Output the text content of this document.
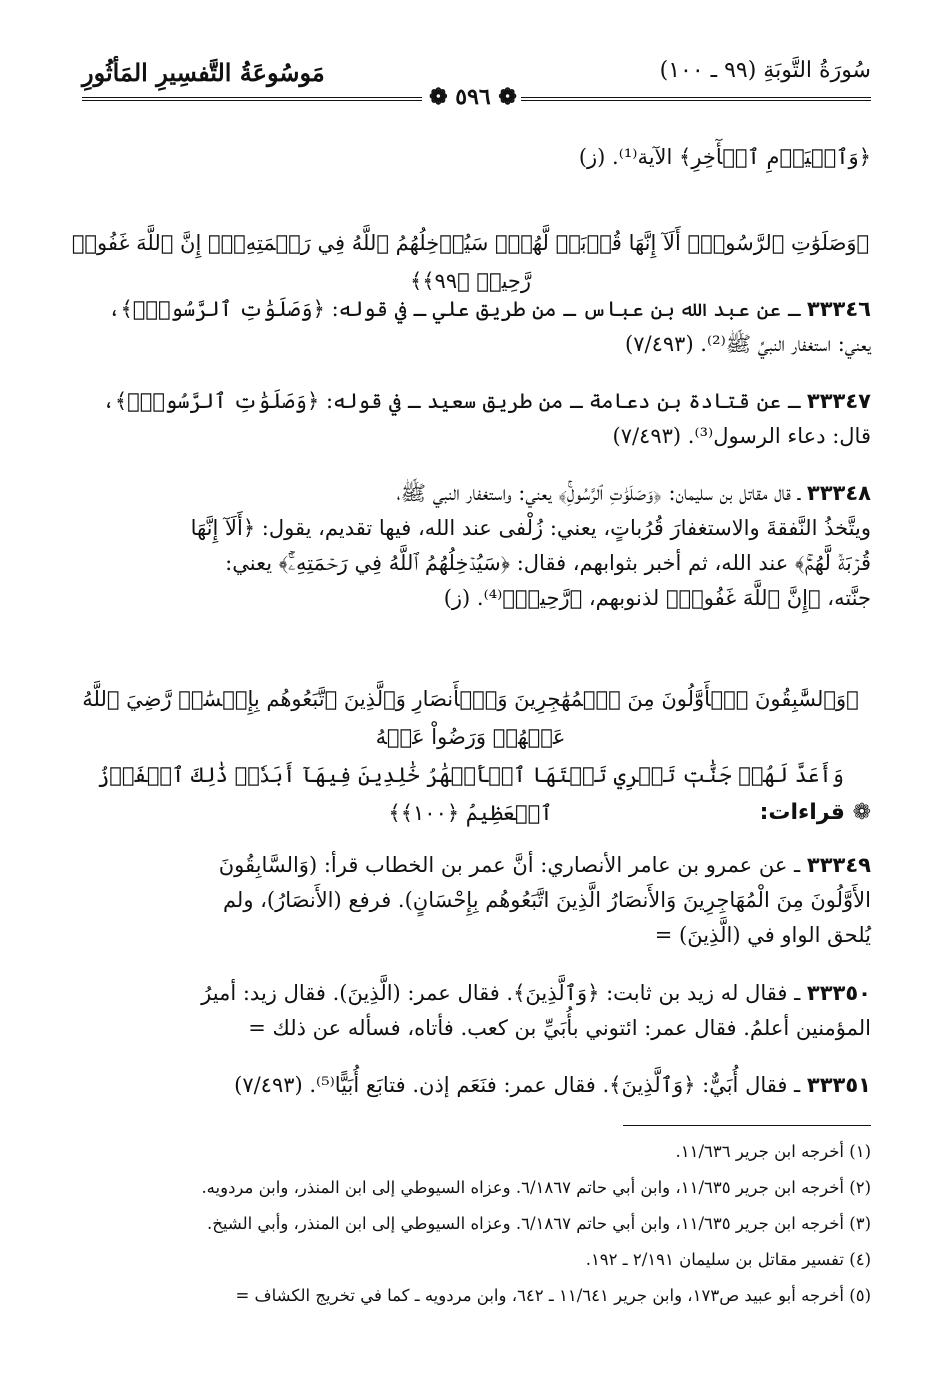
سُورَةُ التَّوبَةِ (٩٩ ـ ١٠٠)
مَوسُوعَةُ التَّفسِيرِ المَأثُورِ
❁ ٥٩٦ ❁
﴿وَٱلۡيَوۡمِ ٱلۡأٓخِرِ﴾ الآية⁽¹⁾. (ز)
﴿وَصَلَوَٰتِ ٱلرَّسُولِۚ أَلَآ إِنَّهَا قُرۡبَةٞ لَّهُمۡۚ سَيُدۡخِلُهُمُ ٱللَّهُ فِي رَحۡمَتِهِۦٓۚ إِنَّ ٱللَّهَ غَفُورٞ رَّحِيمٞ ﴿٩٩﴾﴾
٣٣٣٤٦ ـ عن عبد الله بن عباس ـ من طريق علي ـ في قوله: ﴿وَصَلَوَٰتِ ٱلرَّسُولِۚ﴾،
يعني: استغفار النبيِّ ﷺ⁽²⁾. (٧/٤٩٣)
٣٣٣٤٧ ـ عن قتادة بن دعامة ـ من طريق سعيد ـ في قوله: ﴿وَصَلَوَٰتِ ٱلرَّسُولِۚ﴾،
قال: دعاء الرسول⁽³⁾. (٧/٤٩٣)
٣٣٣٤٨ ـ قال مقاتل بن سليمان: ﴿وَصَلَوَٰتِ ٱلرَّسُولِۚ﴾ يعني: واستغفار النبي ﷺ،
ويتَّخذُ النَّفقةَ والاستغفارَ قُرُباتٍ، يعني: زُلْفى عند الله، فيها تقديم، يقول: ﴿أَلَآ إِنَّهَا
قُرۡبَةٞ لَّهُمۡۚ﴾ عند الله، ثم أخبر بثوابهم، فقال: ﴿سَيُدۡخِلُهُمُ ٱللَّهُ فِي رَحۡمَتِهِۦٓۚ﴾ يعني:
جنَّته، ﴿إِنَّ ٱللَّهَ غَفُورٞ﴾ لذنوبهم، ﴿رَّحِيمٞ﴾⁽⁴⁾. (ز)
﴿وَٱلسَّٰبِقُونَ ٱلۡأَوَّلُونَ مِنَ ٱلۡمُهَٰجِرِينَ وَٱلۡأَنصَارِ وَٱلَّذِينَ ٱتَّبَعُوهُم بِإِحۡسَٰنٖ رَّضِيَ ٱللَّهُ عَنۡهُمۡ وَرَضُواْ عَنۡهُ
وَأَعَدَّ لَهُمۡ جَنَّٰتٖ تَجۡرِي تَحۡتَهَا ٱلۡأَنۡهَٰرُ خَٰلِدِينَ فِيهَآ أَبَدٗاۚ ذَٰلِكَ ٱلۡفَوۡزُ ٱلۡعَظِيمُ ﴿١٠٠﴾﴾	❁ قراءات:
٣٣٣٤٩ ـ عن عمرو بن عامر الأنصاري: أنَّ عمر بن الخطاب قرأ: (وَالسَّابِقُونَ
الأَوَّلُونَ مِنَ الْمُهَاجِرِينَ وَالأَنصَارُ الَّذِينَ اتَّبَعُوهُم بِإِحْسَانٍ). فرفع (الأَنصَارُ)، ولم
يُلحق الواو في (الَّذِينَ) =
٣٣٣٥٠ ـ فقال له زيد بن ثابت: ﴿وَٱلَّذِينَ﴾. فقال عمر: (الَّذِينَ). فقال زيد: أميرُ
المؤمنين أعلمُ. فقال عمر: ائتوني بأُبَيِّ بن كعب. فأتاه، فسأله عن ذلك =
٣٣٣٥١ ـ فقال أُبَيٌّ: ﴿وَٱلَّذِينَ﴾. فقال عمر: فنَعَم إذن. فتابَع أُبَيًّا⁽⁵⁾. (٧/٤٩٣)
(١) أخرجه ابن جرير ١١/٦٣٦.
(٢) أخرجه ابن جرير ١١/٦٣٥، وابن أبي حاتم ٦/١٨٦٧. وعزاه السيوطي إلى ابن المنذر، وابن مردويه.
(٣) أخرجه ابن جرير ١١/٦٣٥، وابن أبي حاتم ٦/١٨٦٧. وعزاه السيوطي إلى ابن المنذر، وأبي الشيخ.
(٤) تفسير مقاتل بن سليمان ٢/١٩١ ـ ١٩٢.
(٥) أخرجه أبو عبيد ص١٧٣، وابن جرير ١١/٦٤١ ـ ٦٤٢، وابن مردويه ـ كما في تخريج الكشاف =
